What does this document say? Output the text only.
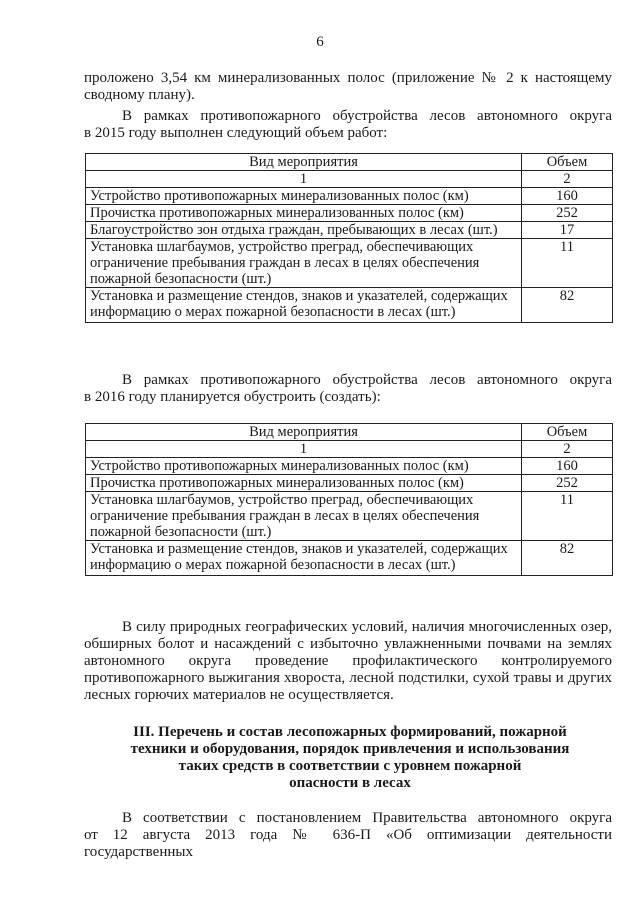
6

проложено 3,54 км минерализованных полос (приложение № 2 к настоящему
сводному плану).

В рамках противопожарного обустройства лесов автономного округа
в 2015 году выполнен следующий объем работ:

Вид мероприятия	Объем
1	2
Устройство противопожарных минерализованных полос (км)	160
Прочистка противопожарных минерализованных полос (км)	252
Благоустройство зон отдыха граждан, пребывающих в лесах (шт.)	17
Установка шлагбаумов, устройство преград, обеспечивающих ограничение пребывания граждан в лесах в целях обеспечения пожарной безопасности (шт.)	11
Установка и размещение стендов, знаков и указателей, содержащих информацию о мерах пожарной безопасности в лесах (шт.)	82

В рамках противопожарного обустройства лесов автономного округа
в 2016 году планируется обустроить (создать):

Вид мероприятия	Объем
1	2
Устройство противопожарных минерализованных полос (км)	160
Прочистка противопожарных минерализованных полос (км)	252
Установка шлагбаумов, устройство преград, обеспечивающих ограничение пребывания граждан в лесах в целях обеспечения пожарной безопасности (шт.)	11
Установка и размещение стендов, знаков и указателей, содержащих информацию о мерах пожарной безопасности в лесах (шт.)	82

В силу природных географических условий, наличия многочисленных озер,
обширных болот и насаждений с избыточно увлажненными почвами на землях
автономного округа проведение профилактического контролируемого
противопожарного выжигания хвороста, лесной подстилки, сухой травы и других
лесных горючих материалов не осуществляется.

III. Перечень и состав лесопожарных формирований, пожарной
техники и оборудования, порядок привлечения и использования
таких средств в соответствии с уровнем пожарной
опасности в лесах

В соответствии с постановлением Правительства автономного округа
от 12 августа 2013 года № 636-П «Об оптимизации деятельности государственных
